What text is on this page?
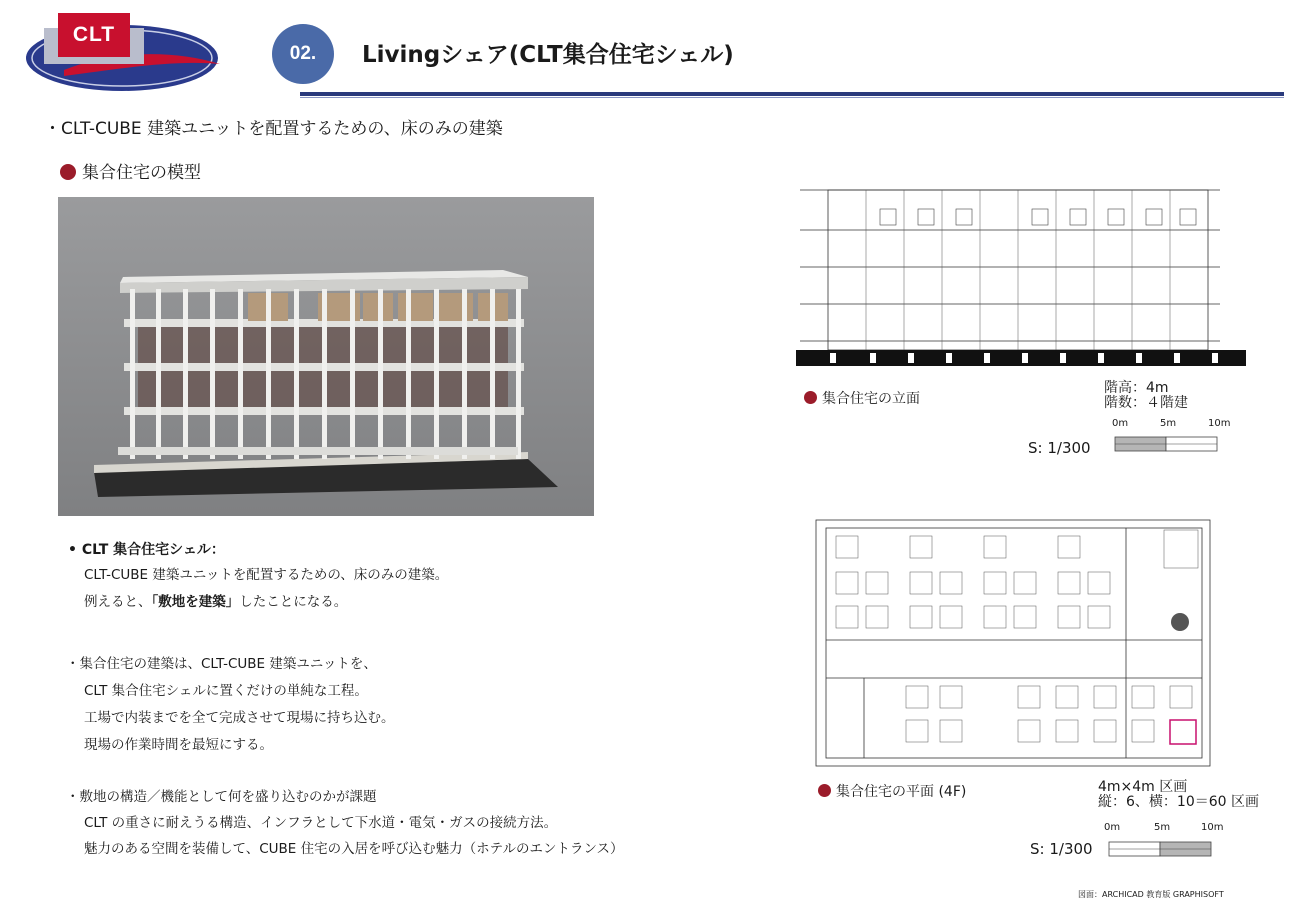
CLT
02.	Livingシェア(CLT集合住宅シェル)
・CLT-CUBE 建築ユニットを配置するための、床のみの建築
集合住宅の模型
集合住宅の立面
階高：4m
階数：４階建
0m	5m	10m
S: 1/300
集合住宅の平面 (4F)	4m×4m 区画
縦：6、横：10＝60 区画
0m	5m	10m
S: 1/300
• CLT 集合住宅シェル：
CLT-CUBE 建築ユニットを配置するための、床のみの建築。
例えると、「敷地を建築」したことになる。
・集合住宅の建築は、CLT-CUBE 建築ユニットを、
CLT 集合住宅シェルに置くだけの単純な工程。
工場で内装までを全て完成させて現場に持ち込む。
現場の作業時間を最短にする。
・敷地の構造／機能として何を盛り込むのかが課題
CLT の重さに耐えうる構造、インフラとして下水道・電気・ガスの接続方法。
魅力のある空間を装備して、CUBE 住宅の入居を呼び込む魅力（ホテルのエントランス）
図面：ARCHICAD 教育版 GRAPHISOFT
